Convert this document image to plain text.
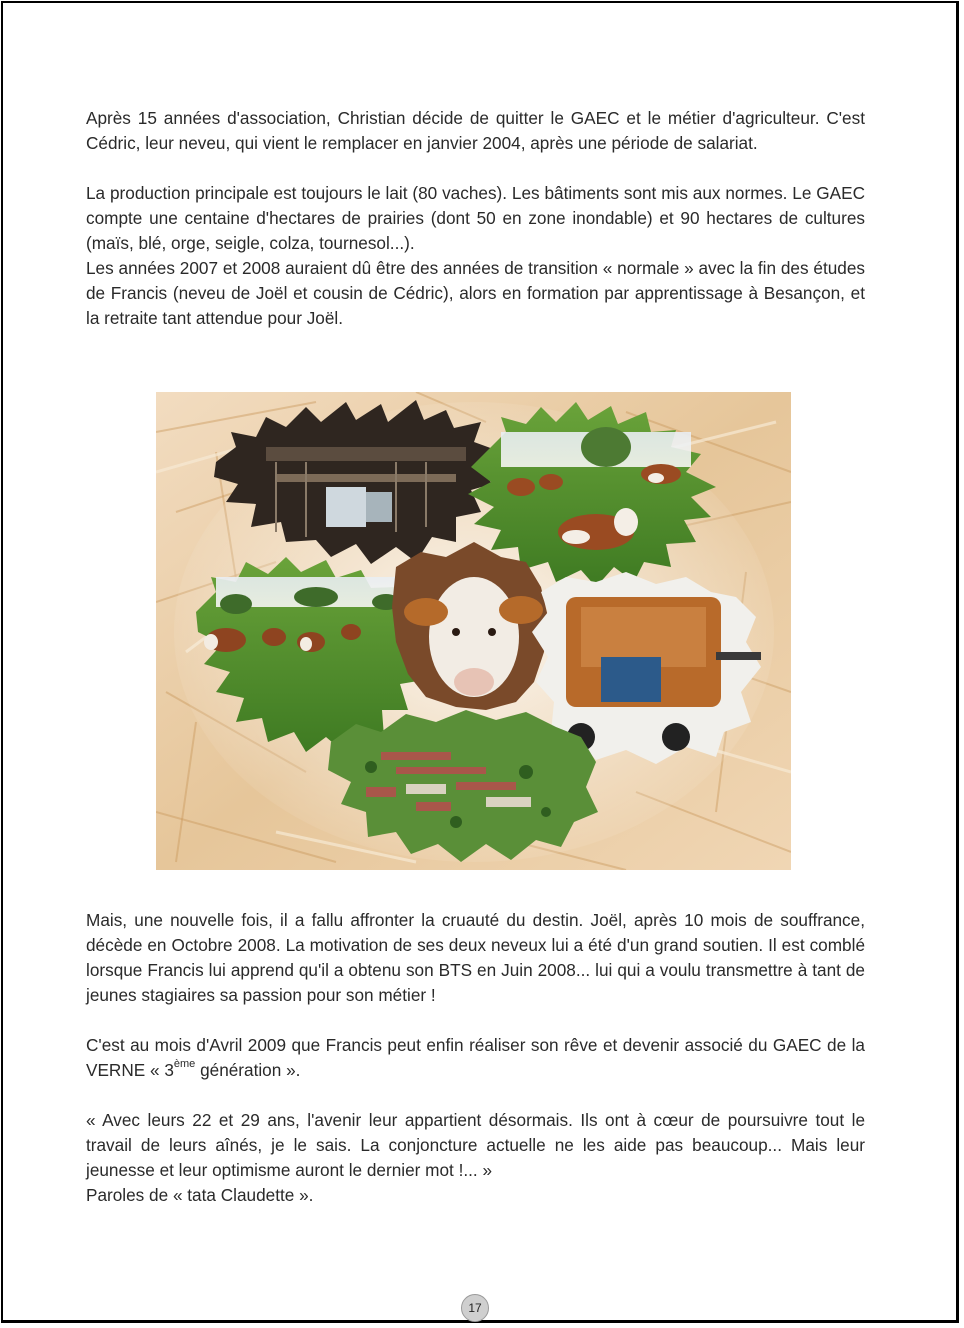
Après 15 années d'association, Christian décide de quitter le GAEC et le métier d'agriculteur. C'est Cédric, leur neveu, qui vient le remplacer en janvier 2004, après une période de salariat.

La production principale est toujours le lait (80 vaches). Les bâtiments sont mis aux normes. Le GAEC compte une centaine d'hectares de prairies (dont 50 en zone inondable) et 90 hectares de cultures (maïs, blé, orge, seigle, colza, tournesol...).

Les années 2007 et 2008 auraient dû être des années de transition « normale » avec la fin des études de Francis (neveu de Joël et cousin de Cédric), alors en formation par apprentissage à Besançon, et la retraite tant attendue pour Joël.

Mais, une nouvelle fois, il a fallu affronter la cruauté du destin. Joël, après 10 mois de souffrance, décède en Octobre 2008. La motivation de ses deux neveux lui a été d'un grand soutien. Il est comblé lorsque Francis lui apprend qu'il a obtenu son BTS en Juin 2008... lui qui a voulu transmettre à tant de jeunes stagiaires sa passion pour son métier !

C'est au mois d'Avril 2009 que Francis peut enfin réaliser son rêve et devenir associé du GAEC de la VERNE « 3ème génération ».

« Avec leurs 22 et 29 ans, l'avenir leur appartient désormais. Ils ont à cœur de poursuivre tout le travail de leurs aînés, je le sais. La conjoncture actuelle ne les aide pas beaucoup... Mais leur jeunesse et leur optimisme auront le dernier mot !... »

Paroles de « tata Claudette ».

17
